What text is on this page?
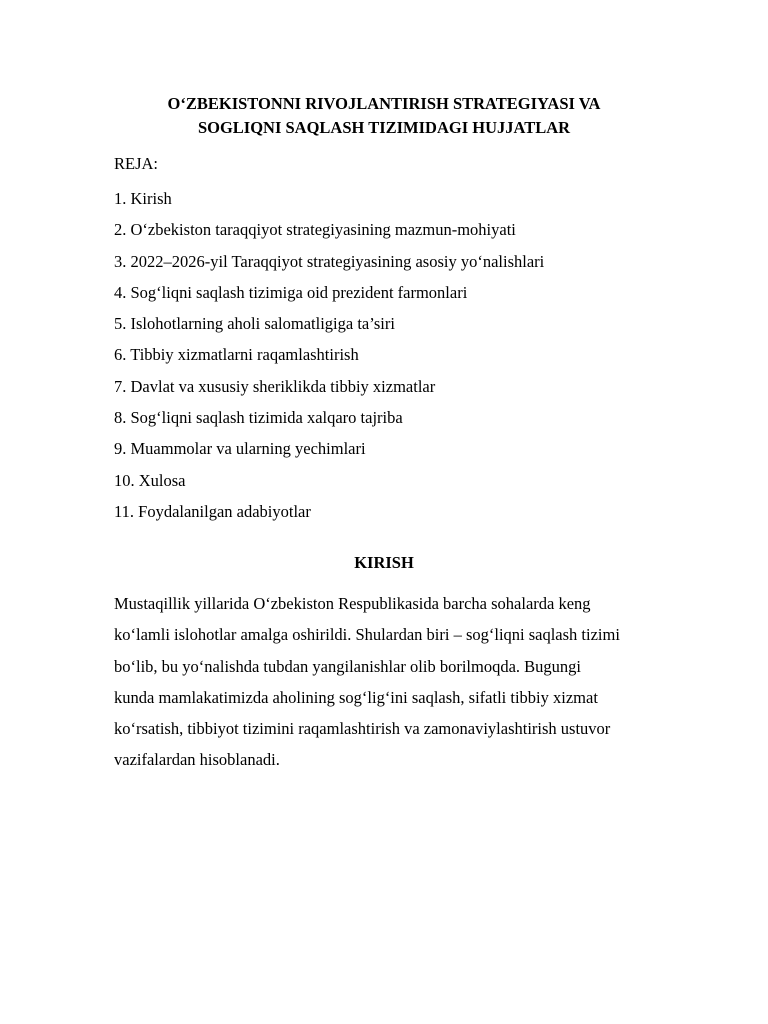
O‘ZBEKISTONNI RIVOJLANTIRISH STRATEGIYASI VA
SOGLIQNI SAQLASH TIZIMIDAGI HUJJATLAR
REJA:
1. Kirish
2. O‘zbekiston taraqqiyot strategiyasining mazmun-mohiyati
3. 2022–2026-yil Taraqqiyot strategiyasining asosiy yo‘nalishlari
4. Sog‘liqni saqlash tizimiga oid prezident farmonlari
5. Islohotlarning aholi salomatligiga ta’siri
6. Tibbiy xizmatlarni raqamlashtirish
7. Davlat va xususiy sheriklikda tibbiy xizmatlar
8. Sog‘liqni saqlash tizimida xalqaro tajriba
9. Muammolar va ularning yechimlari
10. Xulosa
11. Foydalanilgan adabiyotlar
KIRISH
Mustaqillik yillarida O‘zbekiston Respublikasida barcha sohalarda keng
ko‘lamli islohotlar amalga oshirildi. Shulardan biri – sog‘liqni saqlash tizimi
bo‘lib, bu yo‘nalishda tubdan yangilanishlar olib borilmoqda. Bugungi
kunda mamlakatimizda aholining sog‘lig‘ini saqlash, sifatli tibbiy xizmat
ko‘rsatish, tibbiyot tizimini raqamlashtirish va zamonaviylashtirish ustuvor
vazifalardan hisoblanadi.
